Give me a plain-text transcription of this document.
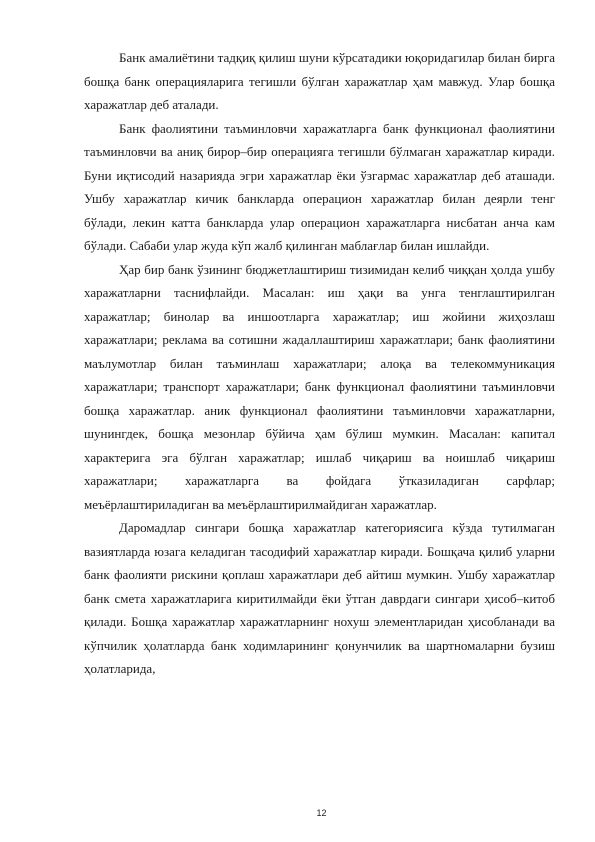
Банк амалиётини тадқиқ қилиш шуни кўрсатадики юқоридагилар билан бирга бошқа банк операцияларига тегишли бўлган харажатлар ҳам мавжуд. Улар бошқа харажатлар деб аталади.

Банк фаолиятини таъминловчи харажатларга банк функционал фаолиятини таъминловчи ва аниқ бирор–бир операцияга тегишли бўлмаган харажатлар киради. Буни иқтисодий назарияда эгри харажатлар ёки ўзгармас харажатлар деб аташади. Ушбу харажатлар кичик банкларда операцион харажатлар билан деярли тенг бўлади, лекин катта банкларда улар операцион харажатларга нисбатан анча кам бўлади. Сабаби улар жуда кўп жалб қилинган маблағлар билан ишлайди.

Ҳар бир банк ўзининг бюджетлаштириш тизимидан келиб чиққан ҳолда ушбу харажатларни таснифлайди. Масалан: иш ҳақи ва унга тенглаштирилган харажатлар; бинолар ва иншоотларга харажатлар; иш жойини жиҳозлаш харажатлари; реклама ва сотишни жадаллаштириш харажатлари; банк фаолиятини маълумотлар билан таъминлаш харажатлари; алоқа ва телекоммуникация харажатлари; транспорт харажатлари; банк функционал фаолиятини таъминловчи бошқа харажатлар. аник функционал фаолиятини таъминловчи харажатларни, шунингдек, бошқа мезонлар бўйича ҳам бўлиш мумкин. Масалан: капитал характерига эга бўлган харажатлар; ишлаб чиқариш ва ноишлаб чиқариш харажатлари; харажатларга ва фойдага ўтказиладиган сарфлар; меъёрлаштириладиган ва меъёрлаштирилмайдиган харажатлар.

Даромадлар сингари бошқа харажатлар категориясига кўзда тутилмаган вазиятларда юзага келадиган тасодифий харажатлар киради. Бошқача қилиб уларни банк фаолияти рискини қоплаш харажатлари деб айтиш мумкин. Ушбу харажатлар банк смета харажатларига киритилмайди ёки ўтган даврдаги сингари ҳисоб–китоб қилади. Бошқа харажатлар харажатларнинг нохуш элементларидан ҳисобланади ва кўпчилик ҳолатларда банк ходимларининг қонунчилик ва шартномаларни бузиш ҳолатларида,

12
